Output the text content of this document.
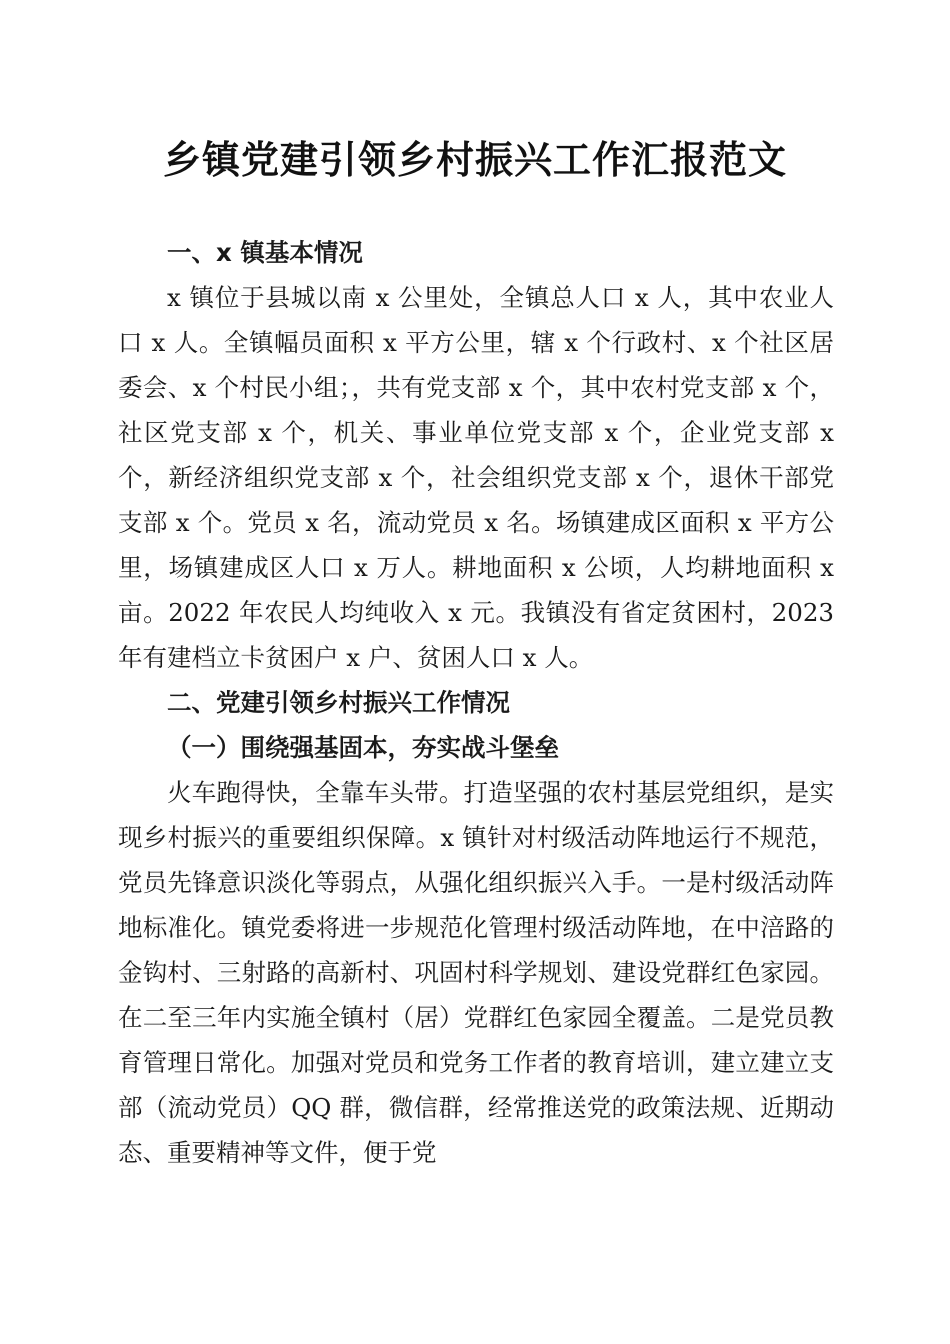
乡镇党建引领乡村振兴工作汇报范文
一、x 镇基本情况

x 镇位于县城以南 x 公里处，全镇总人口 x 人，其中农业人口 x 人。全镇幅员面积 x 平方公里，辖 x 个行政村、x 个社区居委会、x 个村民小组；，共有党支部 x 个，其中农村党支部 x 个，社区党支部 x 个，机关、事业单位党支部 x 个，企业党支部 x 个，新经济组织党支部 x 个，社会组织党支部 x 个，退休干部党支部 x 个。党员 x 名，流动党员 x 名。场镇建成区面积 x 平方公里，场镇建成区人口 x 万人。耕地面积 x 公顷，人均耕地面积 x 亩。2022 年农民人均纯收入 x 元。我镇没有省定贫困村，2023 年有建档立卡贫困户 x 户、贫困人口 x 人。

二、党建引领乡村振兴工作情况
（一）围绕强基固本，夯实战斗堡垒

火车跑得快，全靠车头带。打造坚强的农村基层党组织，是实现乡村振兴的重要组织保障。x 镇针对村级活动阵地运行不规范，党员先锋意识淡化等弱点，从强化组织振兴入手。一是村级活动阵地标准化。镇党委将进一步规范化管理村级活动阵地，在中涪路的金钩村、三射路的高新村、巩固村科学规划、建设党群红色家园。在二至三年内实施全镇村（居）党群红色家园全覆盖。二是党员教育管理日常化。加强对党员和党务工作者的教育培训，建立建立支部（流动党员）QQ 群，微信群，经常推送党的政策法规、近期动态、重要精神等文件，便于党
